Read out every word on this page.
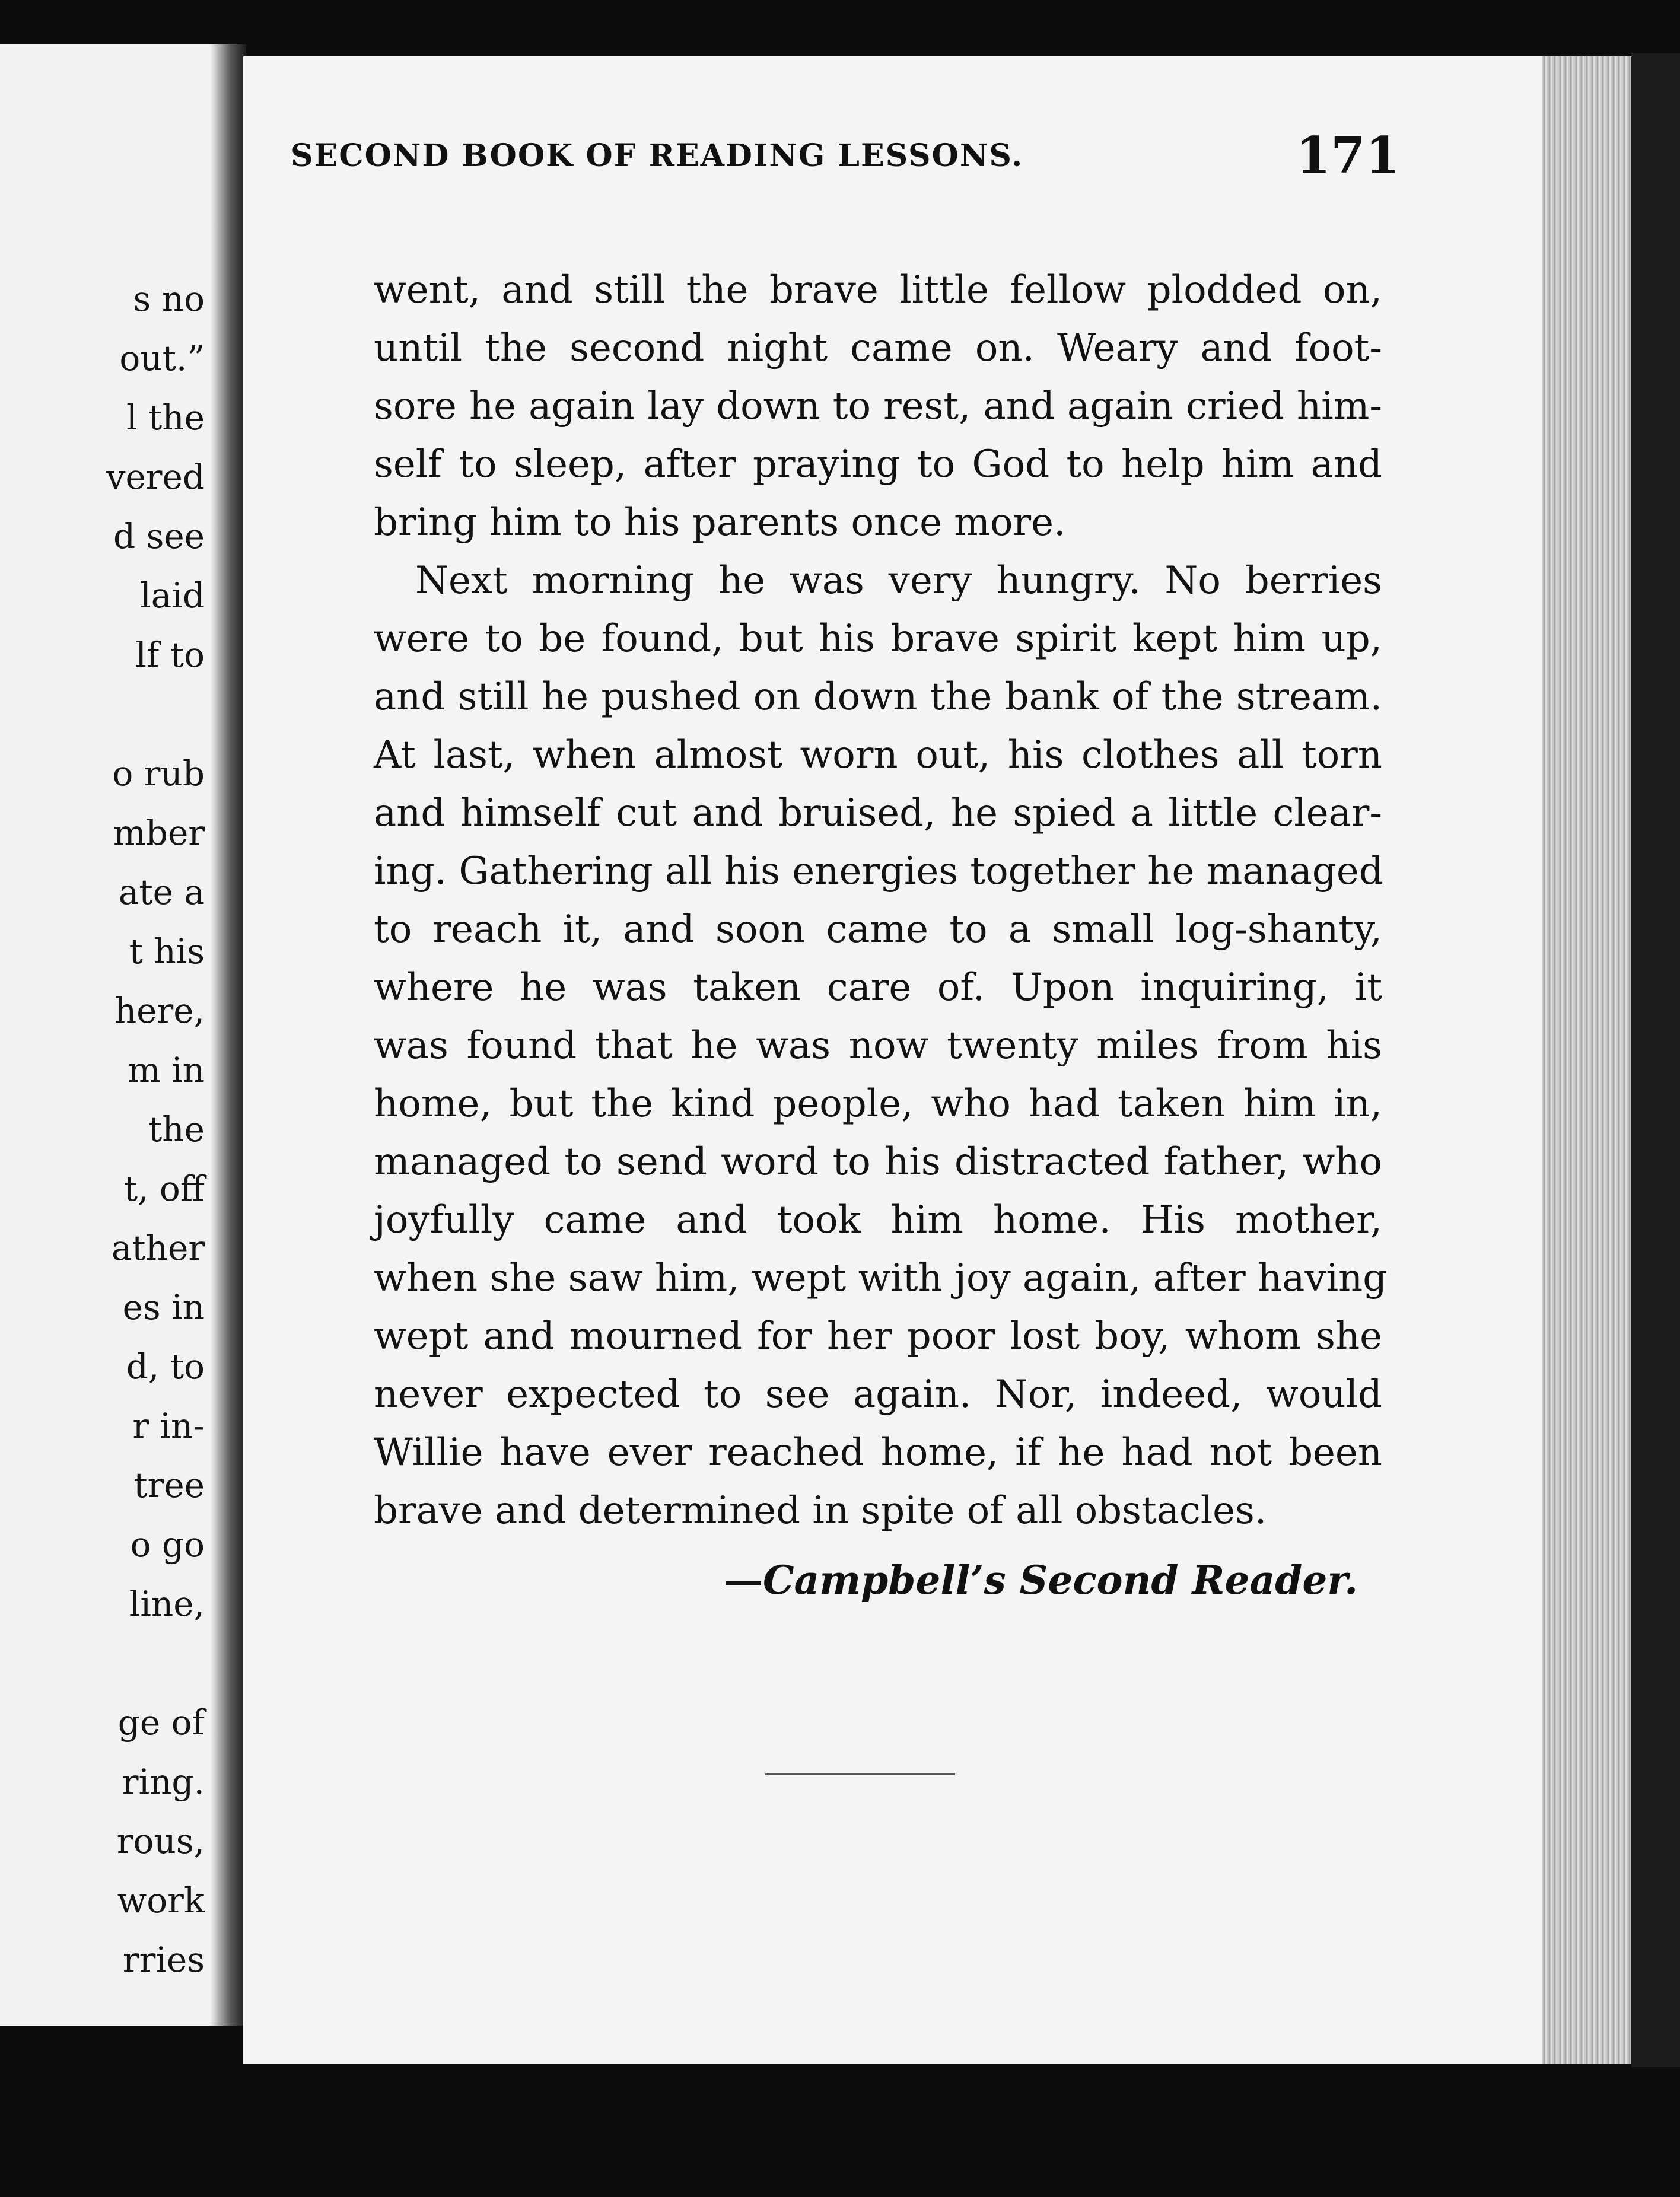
s no
out.”
l the
vered
d see
laid
lf to
o rub
mber
ate a
t his
here,
m in
the
t, off
ather
es in
d, to
r in-
tree
o go
line,
ge of
ring.
rous,
work
rries
SECOND BOOK OF READING LESSONS.	171
went, and still the brave little fellow plodded on,
until the second night came on. Weary and foot-
sore he again lay down to rest, and again cried him-
self to sleep, after praying to God to help him and
bring him to his parents once more.
Next morning he was very hungry. No berries
were to be found, but his brave spirit kept him up,
and still he pushed on down the bank of the stream.
At last, when almost worn out, his clothes all torn
and himself cut and bruised, he spied a little clear-
ing. Gathering all his energies together he managed
to reach it, and soon came to a small log-shanty,
where he was taken care of. Upon inquiring, it
was found that he was now twenty miles from his
home, but the kind people, who had taken him in,
managed to send word to his distracted father, who
joyfully came and took him home. His mother,
when she saw him, wept with joy again, after having
wept and mourned for her poor lost boy, whom she
never expected to see again. Nor, indeed, would
Willie have ever reached home, if he had not been
brave and determined in spite of all obstacles.
—Campbell’s Second Reader.
